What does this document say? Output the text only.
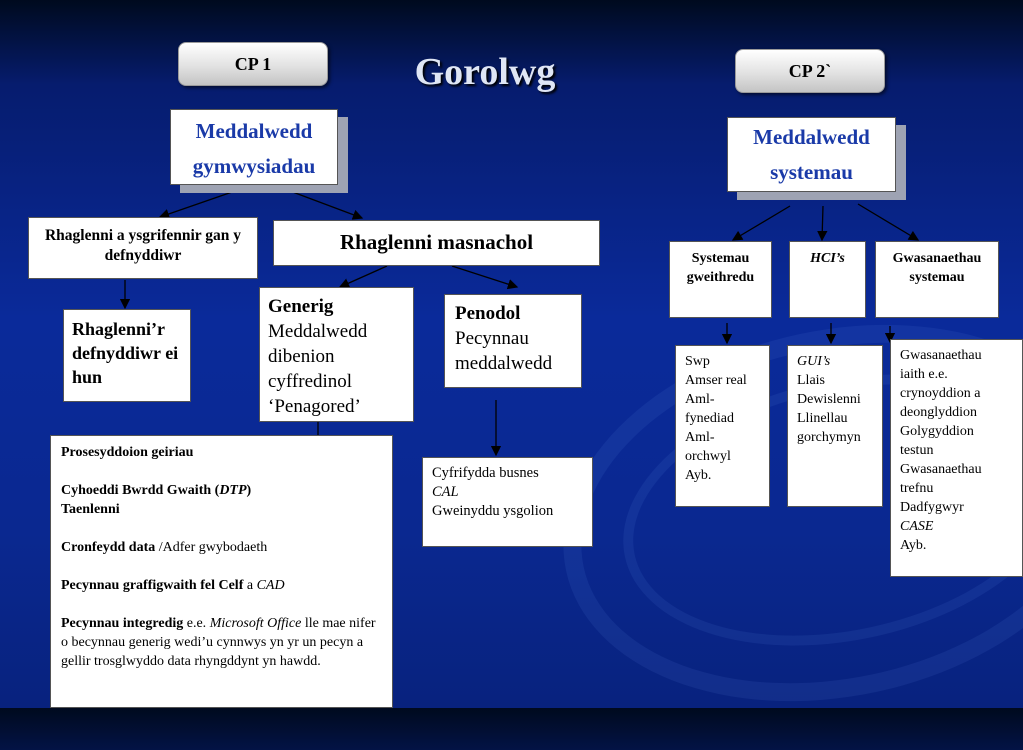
Gorolwg
CP 1	CP 2`
Meddalwedd
gymwysiadau
Rhaglenni a ysgrifennir gan y defnyddiwr
Rhaglenni’r defnyddiwr ei hun
Rhaglenni masnachol

Generig

Meddalwedd

dibenion

cyffredinol

‘Penagored’

Penodol

Pecynnau

meddalwedd

Prosesyddoion geiriau

Cyhoeddi Bwrdd Gwaith (DTP)

Taenlenni

Cronfeydd data /Adfer gwybodaeth

Pecynnau graffigwaith fel Celf a CAD

Pecynnau integredig e.e. Microsoft Office lle mae nifer o becynnau generig wedi’u cynnwys yn yr un pecyn a gellir trosglwyddo data rhyngddynt yn hawdd.

Cyfrifydda busnes

CAL

Gweinyddu ysgolion

Meddalwedd
systemau
Systemau gweithredu
HCI’s	Gwasanaethau systemau

Swp

Amser real

Aml-

fynediad

Aml-

orchwyl

Ayb.

GUI’s

Llais

Dewislenni

Llinellau

gorchymyn

Gwasanaethau

iaith e.e.

crynoyddion a

deonglyddion

Golygyddion

testun

Gwasanaethau

trefnu

Dadfygwyr

CASE

Ayb.
